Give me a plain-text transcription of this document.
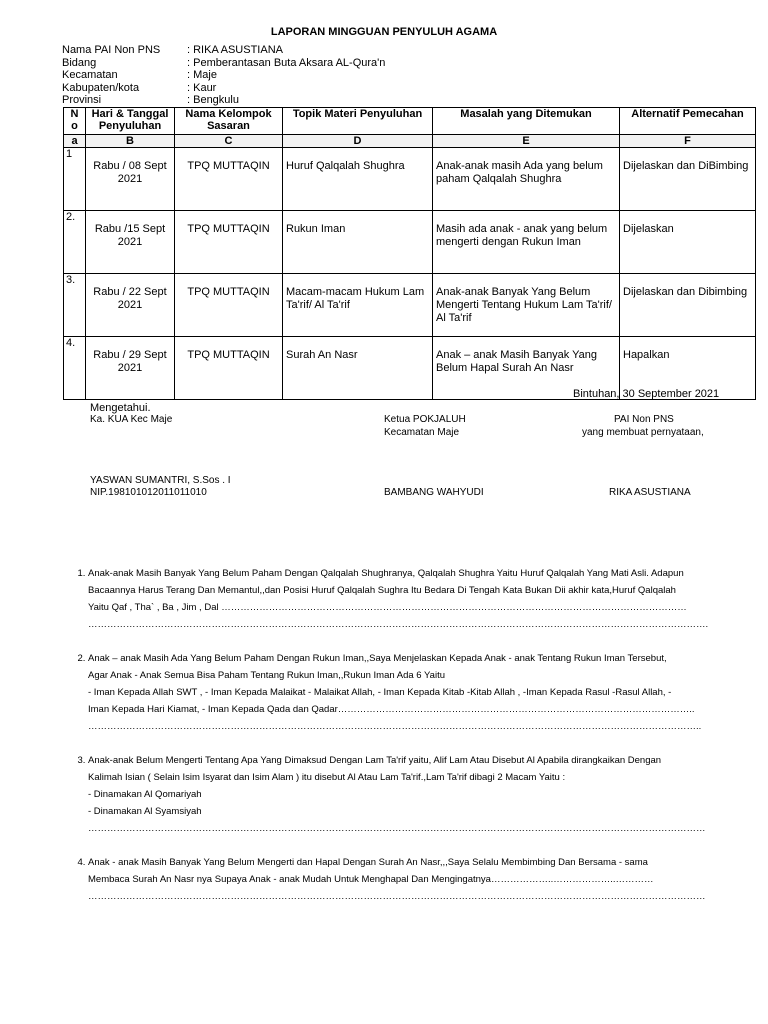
LAPORAN MINGGUAN PENYULUH AGAMA
Nama PAI Non PNS	: RIKA ASUSTIANA
Bidang	: Pemberantasan Buta Aksara AL-Qura'n
Kecamatan	: Maje
Kabupaten/kota	: Kaur
Provinsi	: Bengkulu
N o	Hari & Tanggal Penyuluhan	Nama Kelompok Sasaran	Topik Materi Penyuluhan	Masalah yang Ditemukan	Alternatif Pemecahan
a	B	C	D	E	F
1	Rabu / 08 Sept 2021	TPQ MUTTAQIN	Huruf Qalqalah Shughra	Anak-anak masih Ada yang belum paham Qalqalah Shughra	Dijelaskan dan DiBimbing

2.	Rabu /15 Sept 2021	TPQ MUTTAQIN	Rukun Iman	Masih ada anak - anak yang belum mengerti dengan Rukun Iman	Dijelaskan

3.	Rabu / 22 Sept 2021	TPQ MUTTAQIN	Macam-macam Hukum Lam Ta'rif/ Al Ta'rif	Anak-anak Banyak Yang Belum Mengerti Tentang Hukum Lam Ta'rif/ Al Ta'rif	Dijelaskan dan Dibimbing

4.	Rabu / 29 Sept 2021	TPQ MUTTAQIN	Surah An Nasr	Anak – anak Masih Banyak Yang Belum Hapal Surah An Nasr	Hapalkan
Bintuhan, 30 September 2021
Mengetahui.
Ka. KUA Kec Maje	Ketua POKJALUH
Kecamatan Maje
PAI Non PNS
yang membuat pernyataan,
YASWAN SUMANTRI, S.Sos . I
NIP.198101012011011010	BAMBANG WAHYUDI	RIKA ASUSTIANA
1. Anak-anak Masih Banyak Yang Belum Paham Dengan Qalqalah Shughranya, Qalqalah Shughra Yaitu Huruf Qalqalah Yang Mati Asli. Adapun
Bacaannya Harus Terang Dan Memantul,,dan Posisi Huruf Qalqalah Sughra Itu Bedara Di Tengah Kata Bukan Dii akhir kata,Huruf Qalqalah
Yaitu Qaf , Tha` , Ba , Jim , Dal …………………………………………………………………………………………………………………………………
…………………………………………………………………………………………………………………………………………………………………………….
2. Anak – anak Masih Ada Yang Belum Paham Dengan Rukun Iman,,Saya Menjelaskan Kepada Anak - anak Tentang Rukun Iman Tersebut,
Agar Anak - Anak Semua Bisa Paham Tentang Rukun Iman,,Rukun Iman Ada 6 Yaitu
- Iman Kepada Allah SWT , - Iman Kepada Malaikat - Malaikat Allah, - Iman Kepada Kitab -Kitab Allah , -Iman Kepada Rasul -Rasul Allah, -
Iman Kepada Hari Kiamat, - Iman Kepada Qada dan Qadar…………………………………………………………………………………………………..
…………………………………………………………………………………………………………………………………………………………………………..
3. Anak-anak Belum Mengerti Tentang Apa Yang Dimaksud Dengan Lam Ta'rif yaitu, Alif Lam Atau Disebut Al Apabila dirangkaikan Dengan
Kalimah Isian ( Selain Isim Isyarat dan Isim Alam ) itu disebut Al Atau Lam Ta'rif.,Lam Ta'rif dibagi 2 Macam Yaitu :
- Dinamakan Al Qomariyah
- Dinamakan Al Syamsiyah
……………………………………………………………………………………………………………………………………………………………………………
4. Anak - anak Masih Banyak Yang Belum Mengerti dan Hapal Dengan Surah An Nasr,,,Saya Selalu Membimbing Dan Bersama - sama
Membaca Surah An Nasr nya Supaya Anak - anak Mudah Untuk Menghapal Dan Mengingatnya………………..………………..…………
……………………………………………………………………………………………………………………………………………………………………………
